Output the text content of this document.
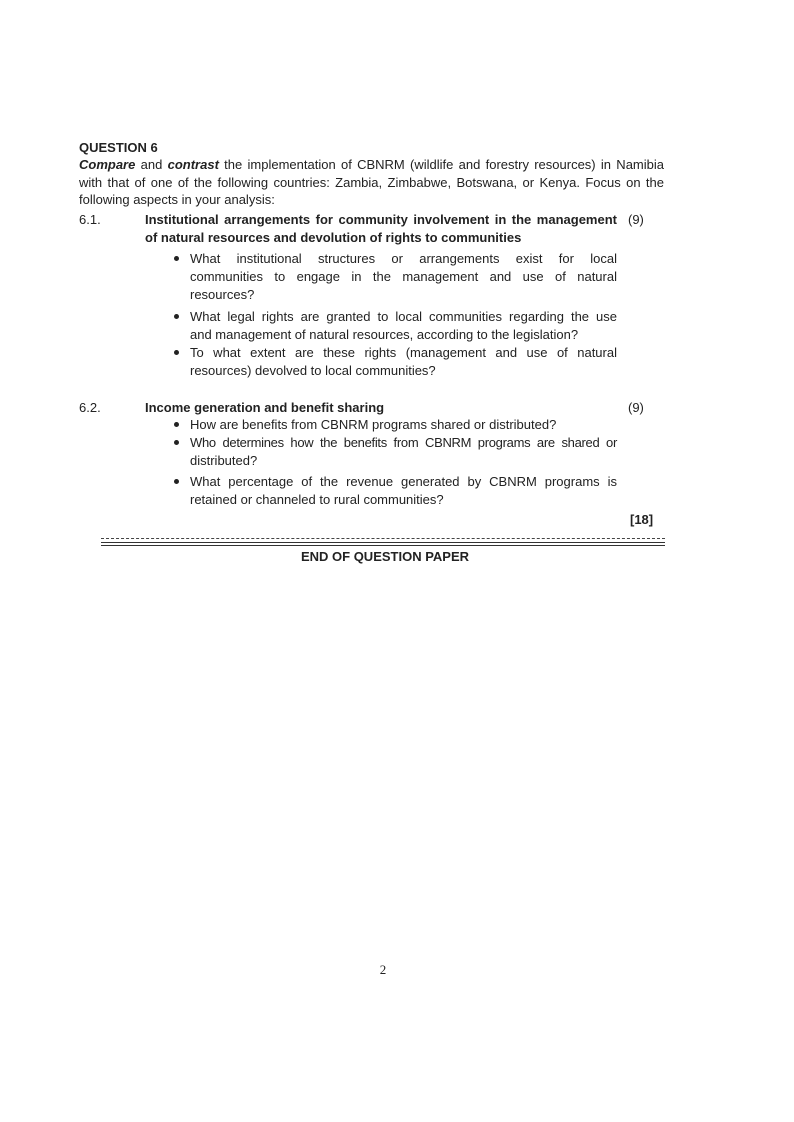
QUESTION 6
Compare and contrast the implementation of CBNRM (wildlife and forestry resources) in Namibia
with that of one of the following countries: Zambia, Zimbabwe, Botswana, or Kenya. Focus on the
following aspects in your analysis:
6.1.	Institutional arrangements for community involvement in the management
of natural resources and devolution of rights to communities
(9)
What institutional structures or arrangements exist for local
communities to engage in the management and use of natural
resources?
What legal rights are granted to local communities regarding the use
and management of natural resources, according to the legislation?
To what extent are these rights (management and use of natural
resources) devolved to local communities?
6.2.	Income generation and benefit sharing	(9)
How are benefits from CBNRM programs shared or distributed?
Who determines how the benefits from CBNRM programs are shared or
distributed?
What percentage of the revenue generated by CBNRM programs is
retained or channeled to rural communities?
[18]
END OF QUESTION PAPER
2
